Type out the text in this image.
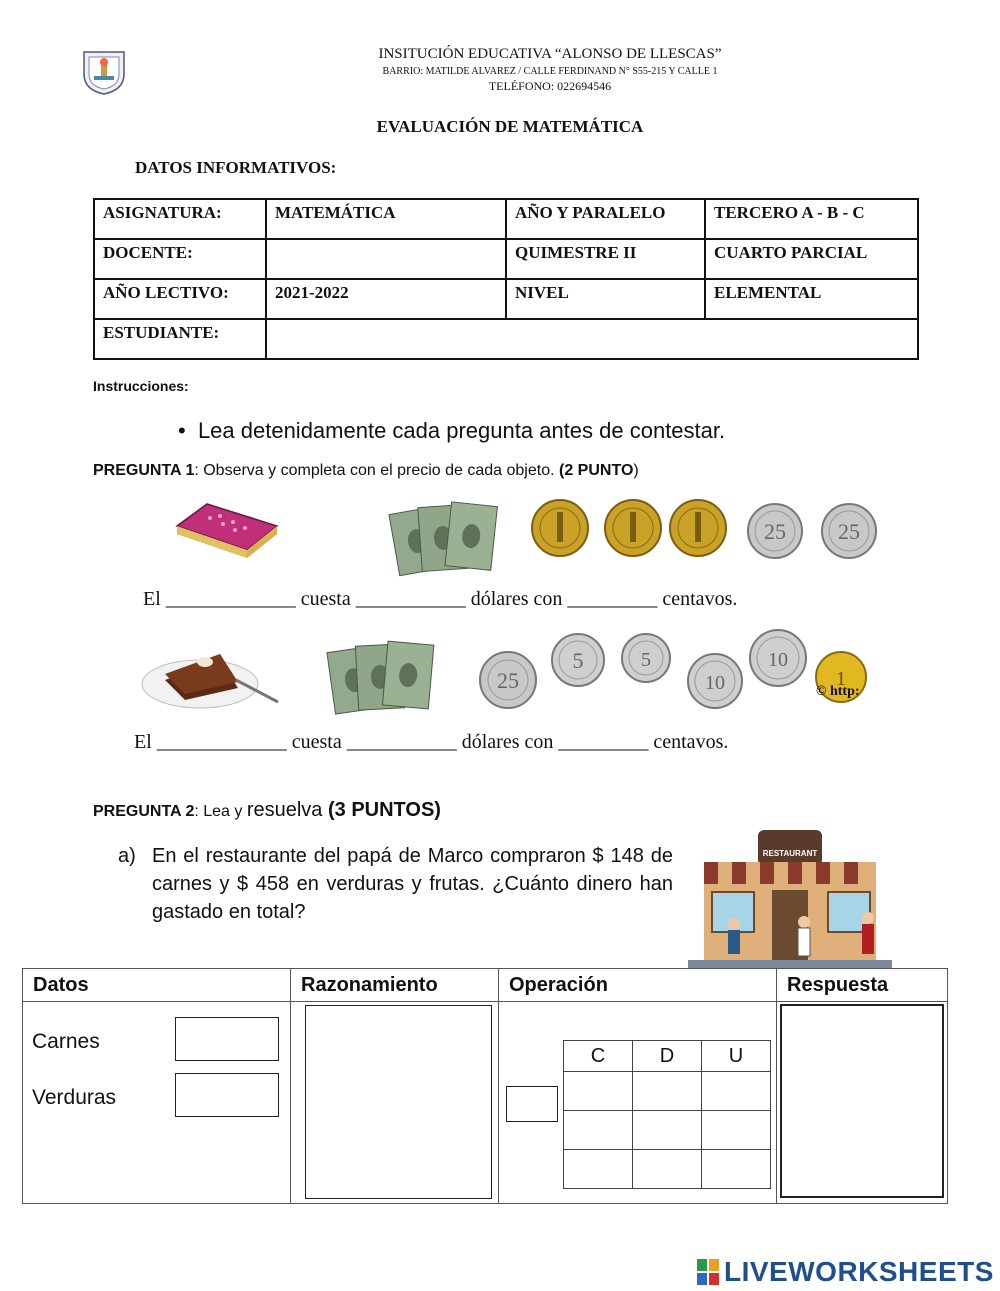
INSITUCIÓN EDUCATIVA “ALONSO DE LLESCAS”
BARRIO: MATILDE ALVAREZ / CALLE FERDINAND N° S55-215 Y CALLE 1
TELÉFONO: 022694546
EVALUACIÓN DE MATEMÁTICA
DATOS INFORMATIVOS:
ASIGNATURA:	MATEMÁTICA	AÑO Y PARALELO	TERCERO A - B - C
DOCENTE:		QUIMESTRE II	CUARTO PARCIAL
AÑO LECTIVO:	2021-2022	NIVEL	ELEMENTAL
ESTUDIANTE:			
Instrucciones:
•  Lea detenidamente cada pregunta antes de contestar.
PREGUNTA 1: Observa y completa con el precio de cada objeto. (2 PUNTO)
25 25
El _____________ cuesta ___________ dólares con _________ centavos.
25
5	5
10
10
1
© http:
El _____________ cuesta ___________ dólares con _________ centavos.
PREGUNTA 2: Lea y resuelva (3 PUNTOS)
a) En el restaurante del papá de Marco compraron $ 148 de carnes y $ 458 en verduras y frutas. ¿Cuánto dinero han gastado en total?
RESTAURANT
Datos	Razonamiento	Operación	Respuesta

Carnes
Verduras
C	D	U

LIVEWORKSHEETS
